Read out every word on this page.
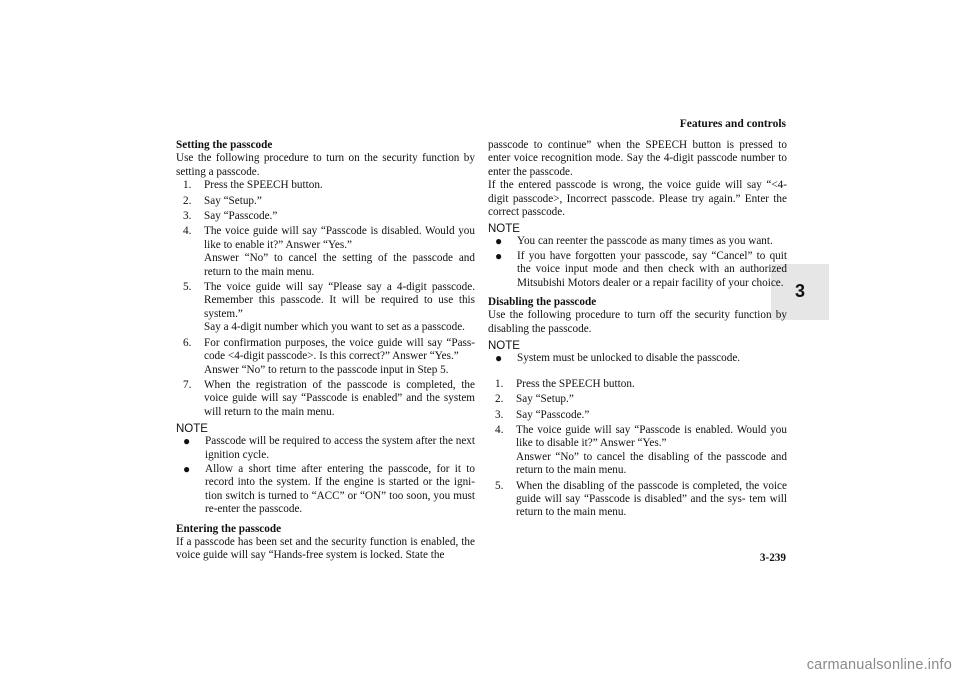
Features and controls
3

Setting the passcode

Use the following procedure to turn on the security function by setting a passcode.

1. Press the SPEECH button.
2. Say “Setup.”
3. Say “Passcode.”
4. The voice guide will say “Passcode is disabled. Would you like to enable it?” Answer “Yes.”
Answer “No” to cancel the setting of the passcode and return to the main menu.
5. The voice guide will say “Please say a 4-digit passcode. Remember this passcode. It will be required to use this system.”
Say a 4-digit number which you want to set as a passcode.
6. For confirmation purposes, the voice guide will say “Pass- code <4-digit passcode>. Is this correct?” Answer “Yes.”
Answer “No” to return to the passcode input in Step 5.
7. When the registration of the passcode is completed, the voice guide will say “Passcode is enabled” and the system will return to the main menu.

NOTE

● Passcode will be required to access the system after the next ignition cycle.
● Allow a short time after entering the passcode, for it to record into the system. If the engine is started or the igni- tion switch is turned to “ACC” or “ON” too soon, you must re-enter the passcode.

Entering the passcode

If a passcode has been set and the security function is enabled, the voice guide will say “Hands-free system is locked. State the

passcode to continue” when the SPEECH button is pressed to enter voice recognition mode. Say the 4-digit passcode number to enter the passcode.

If the entered passcode is wrong, the voice guide will say “<4- digit passcode>, Incorrect passcode. Please try again.” Enter the correct passcode.

NOTE

● You can reenter the passcode as many times as you want.
● If you have forgotten your passcode, say “Cancel” to quit the voice input mode and then check with an authorized Mitsubishi Motors dealer or a repair facility of your choice.

Disabling the passcode

Use the following procedure to turn off the security function by disabling the passcode.

NOTE

● System must be unlocked to disable the passcode.
1. Press the SPEECH button.
2. Say “Setup.”
3. Say “Passcode.”
4. The voice guide will say “Passcode is enabled. Would you like to disable it?” Answer “Yes.”
Answer “No” to cancel the disabling of the passcode and return to the main menu.
5. When the disabling of the passcode is completed, the voice guide will say “Passcode is disabled” and the sys- tem will return to the main menu.
3-239
carmanualsonline.info
